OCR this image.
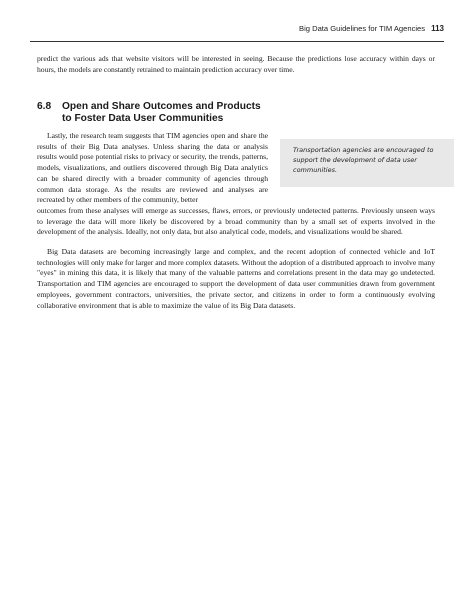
Big Data Guidelines for TIM Agencies 113

predict the various ads that website visitors will be interested in seeing. Because the predictions lose accuracy within days or hours, the models are constantly retrained to maintain prediction accuracy over time.

6.8 Open and Share Outcomes and Products
to Foster Data User Communities
Lastly, the research team suggests that TIM agencies open and share the results of their Big Data analyses. Unless sharing the data or analysis results would pose potential risks to privacy or security, the trends, patterns, models, visualizations, and outliers discovered through Big Data analytics can be shared directly with a broader community of agencies through common data storage. As the results are reviewed and analyses are recreated by other members of the community, better
outcomes from these analyses will emerge as successes, flaws, errors, or previously undetected patterns. Previously unseen ways to leverage the data will more likely be discovered by a broad community than by a small set of experts involved in the development of the analysis. Ideally, not only data, but also analytical code, models, and visualizations would be shared.
Big Data datasets are becoming increasingly large and complex, and the recent adoption of connected vehicle and IoT technologies will only make for larger and more complex datasets. Without the adoption of a distributed approach to involve many "eyes" in mining this data, it is likely that many of the valuable patterns and correlations present in the data may go undetected. Transportation and TIM agencies are encouraged to support the development of data user communities drawn from government employees, government contractors, universities, the private sector, and citizens in order to form a continuously evolving collaborative environment that is able to maximize the value of its Big Data datasets.
Transportation agencies are encouraged to support the development of data user communities.
